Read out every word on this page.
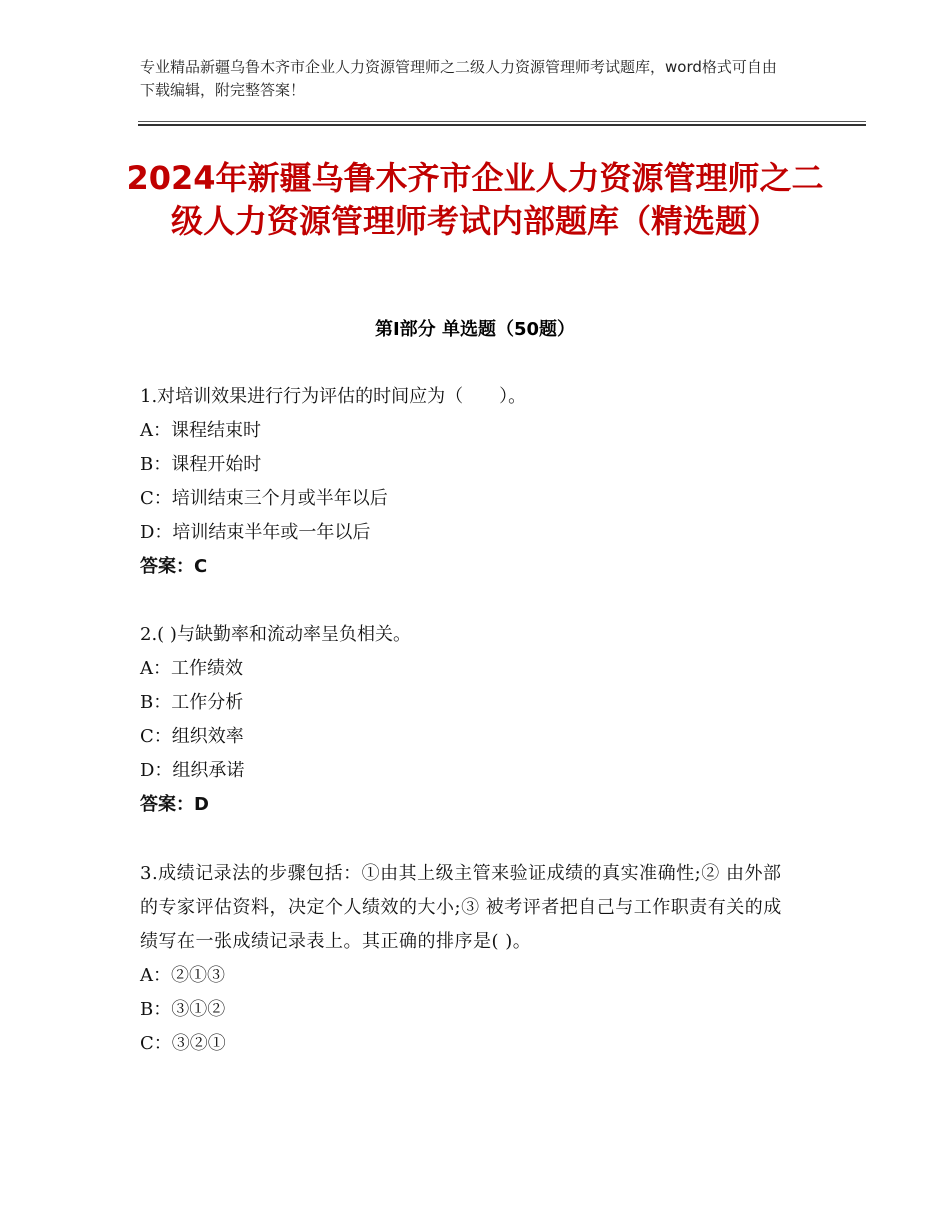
专业精品新疆乌鲁木齐市企业人力资源管理师之二级人力资源管理师考试题库，word格式可自由下载编辑，附完整答案！
2024年新疆乌鲁木齐市企业人力资源管理师之二级人力资源管理师考试内部题库（精选题）
第Ⅰ部分 单选题（50题）
1.对培训效果进行行为评估的时间应为（　　）。
A：课程结束时
B：课程开始时
C：培训结束三个月或半年以后
D：培训结束半年或一年以后
答案：C
2.( )与缺勤率和流动率呈负相关。
A：工作绩效
B：工作分析
C：组织效率
D：组织承诺
答案：D
3.成绩记录法的步骤包括：①由其上级主管来验证成绩的真实准确性;② 由外部的专家评估资料，决定个人绩效的大小;③ 被考评者把自己与工作职责有关的成绩写在一张成绩记录表上。其正确的排序是( )。
A：②①③
B：③①②
C：③②①
